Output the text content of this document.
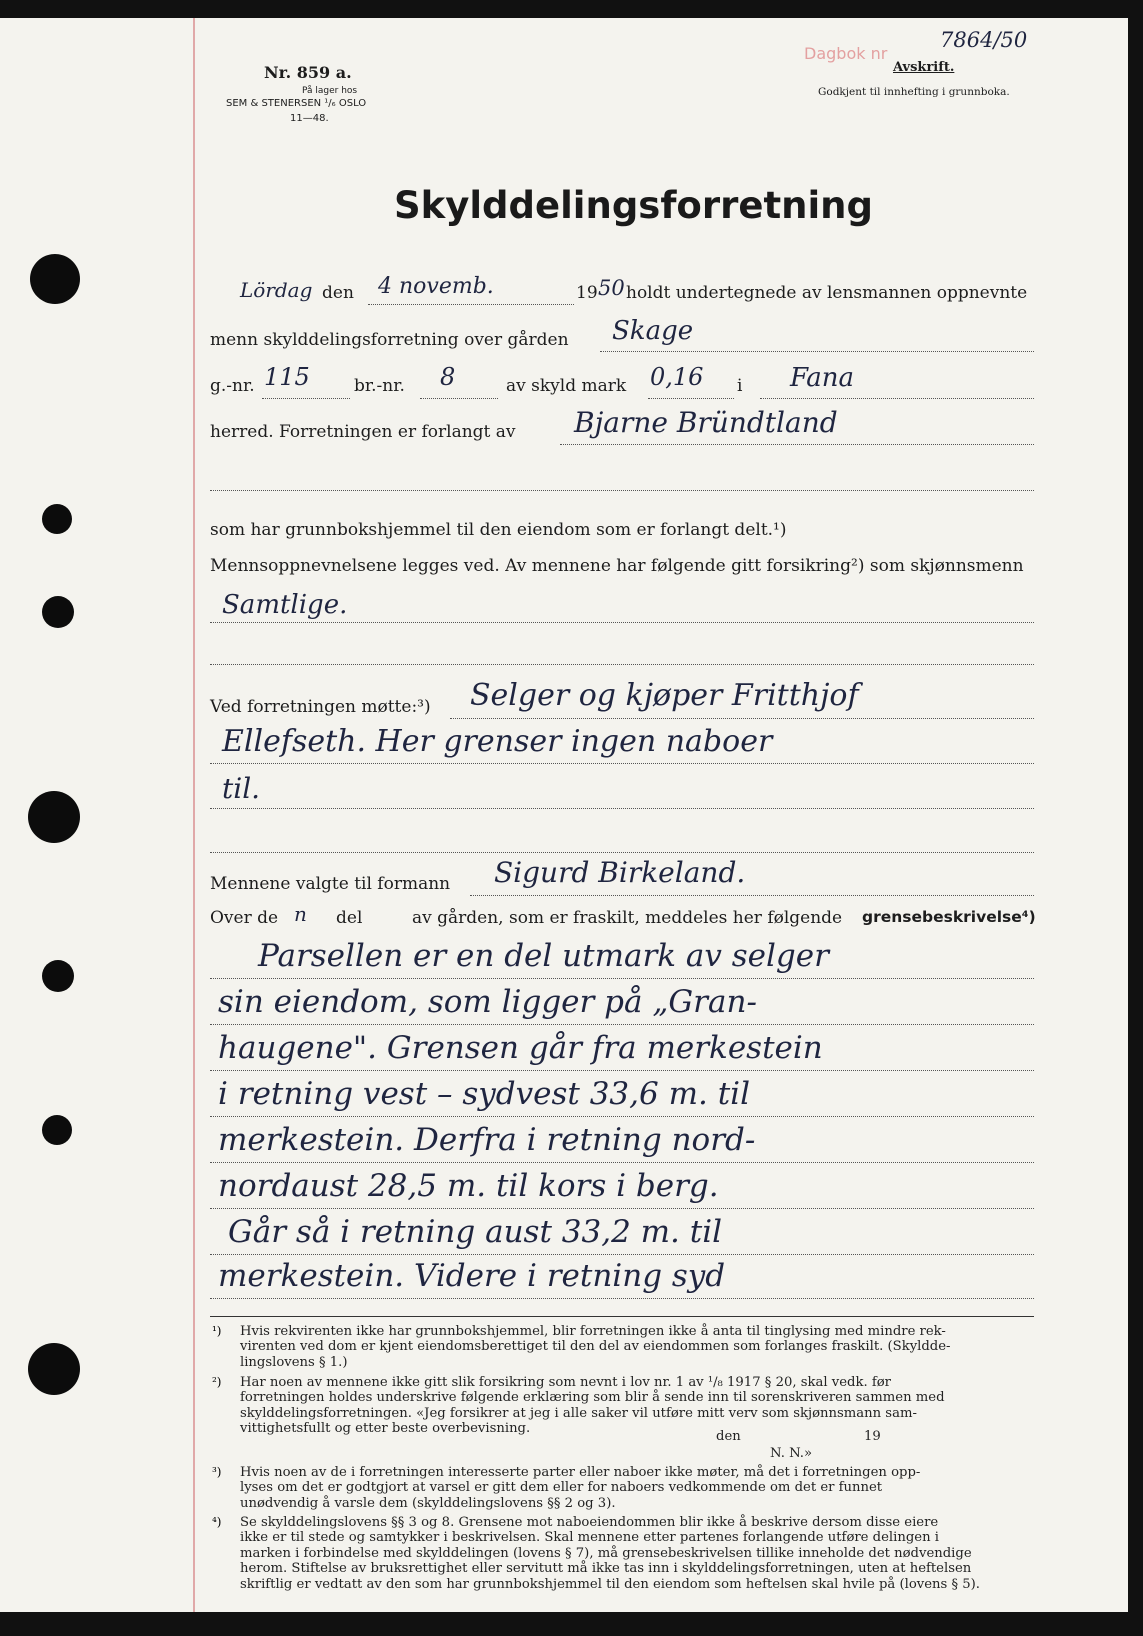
Nr. 859 a.
På lager hos
SEM & STENERSEN ¹/₆ OSLO
11—48.
Dagbok nr
7864/50
Avskrift.
Godkjent til innhefting i grunnboka.
Skylddelingsforretning
Lördag den 4 novemb.	19 50 holdt undertegnede av lensmannen oppnevnte
menn skylddelingsforretning over gården Skage
g.-nr. 115	br.-nr. 8	av skyld mark 0,16 i Fana
herred. Forretningen er forlangt av Bjarne Bründtland
som har grunnbokshjemmel til den eiendom som er forlangt delt.¹)
Mennsoppnevnelsene legges ved. Av mennene har følgende gitt forsikring²) som skjønnsmenn
Samtlige.
Ved forretningen møtte:³) Selger og kjøper Fritthjof
Ellefseth. Her grenser ingen naboer
til.
Mennene valgte til formann Sigurd Birkeland.
Over de n del	av gården, som er fraskilt, meddeles her følgende grensebeskrivelse⁴)
Parsellen er en del utmark av selger
sin eiendom, som ligger på „Gran-
haugene". Grensen går fra merkestein
i retning vest – sydvest 33,6 m. til
merkestein. Derfra i retning nord-
nordaust 28,5 m. til kors i berg.
Går så i retning aust 33,2 m. til
merkestein. Videre i retning syd
¹) Hvis rekvirenten ikke har grunnbokshjemmel, blir forretningen ikke å anta til tinglysing med mindre rek-
virenten ved dom er kjent eiendomsberettiget til den del av eiendommen som forlanges fraskilt. (Skyldde-
lingslovens § 1.)
²) Har noen av mennene ikke gitt slik forsikring som nevnt i lov nr. 1 av ¹/₈ 1917 § 20, skal vedk. før
forretningen holdes underskrive følgende erklæring som blir å sende inn til sorenskriveren sammen med
skylddelingsforretningen. «Jeg forsikrer at jeg i alle saker vil utføre mitt verv som skjønnsmann sam-
vittighetsfullt og etter beste overbevisning.
den	19
N. N.»
³) Hvis noen av de i forretningen interesserte parter eller naboer ikke møter, må det i forretningen opp-
lyses om det er godtgjort at varsel er gitt dem eller for naboers vedkommende om det er funnet
unødvendig å varsle dem (skylddelingslovens §§ 2 og 3).
⁴) Se skylddelingslovens §§ 3 og 8. Grensene mot naboeiendommen blir ikke å beskrive dersom disse eiere
ikke er til stede og samtykker i beskrivelsen. Skal mennene etter partenes forlangende utføre delingen i
marken i forbindelse med skylddelingen (lovens § 7), må grensebeskrivelsen tillike inneholde det nødvendige
herom. Stiftelse av bruksrettighet eller servitutt må ikke tas inn i skylddelingsforretningen, uten at heftelsen
skriftlig er vedtatt av den som har grunnbokshjemmel til den eiendom som heftelsen skal hvile på (lovens § 5).
